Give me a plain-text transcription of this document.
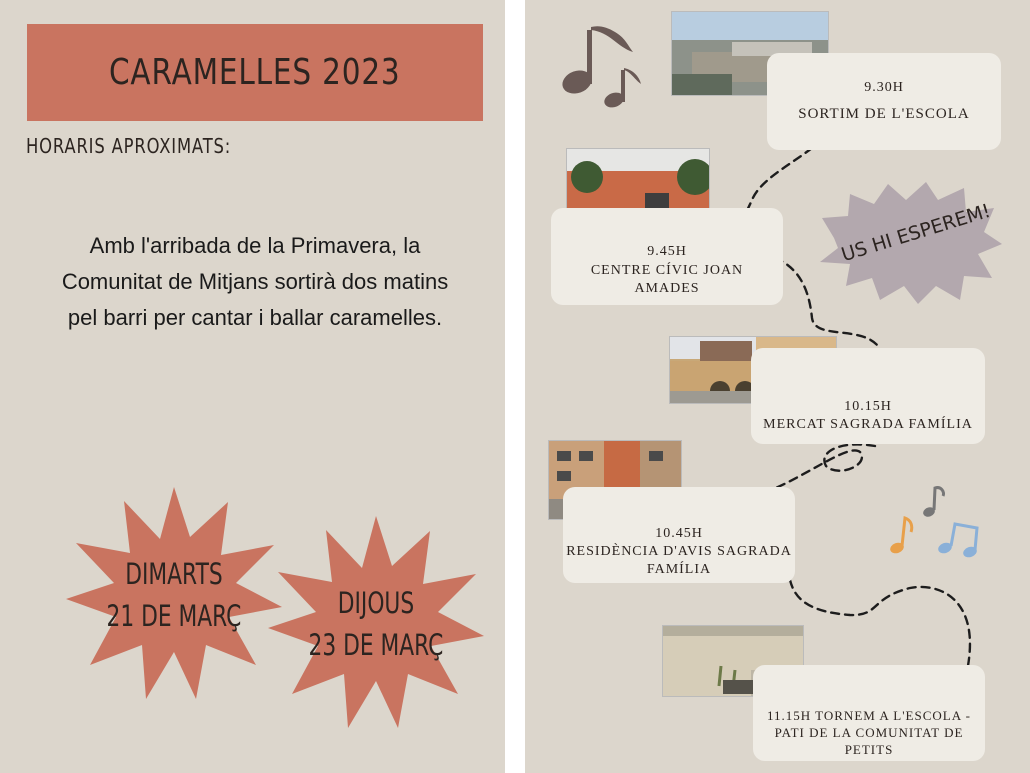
CARAMELLES 2023
HORARIS APROXIMATS:
Amb l'arribada de la Primavera, la Comunitat de Mitjans sortirà dos matins pel barri per cantar i ballar caramelles.
DIMARTS
21 DE MARÇ	DIJOUS
23 DE MARÇ
US HI ESPEREM!
9.30H
SORTIM DE L'ESCOLA
9.45H
CENTRE CÍVIC JOAN AMADES
10.15H
MERCAT SAGRADA FAMÍLIA
10.45H
RESIDÈNCIA D'AVIS SAGRADA FAMÍLIA
11.15H TORNEM A L'ESCOLA - PATI DE LA COMUNITAT DE PETITS
